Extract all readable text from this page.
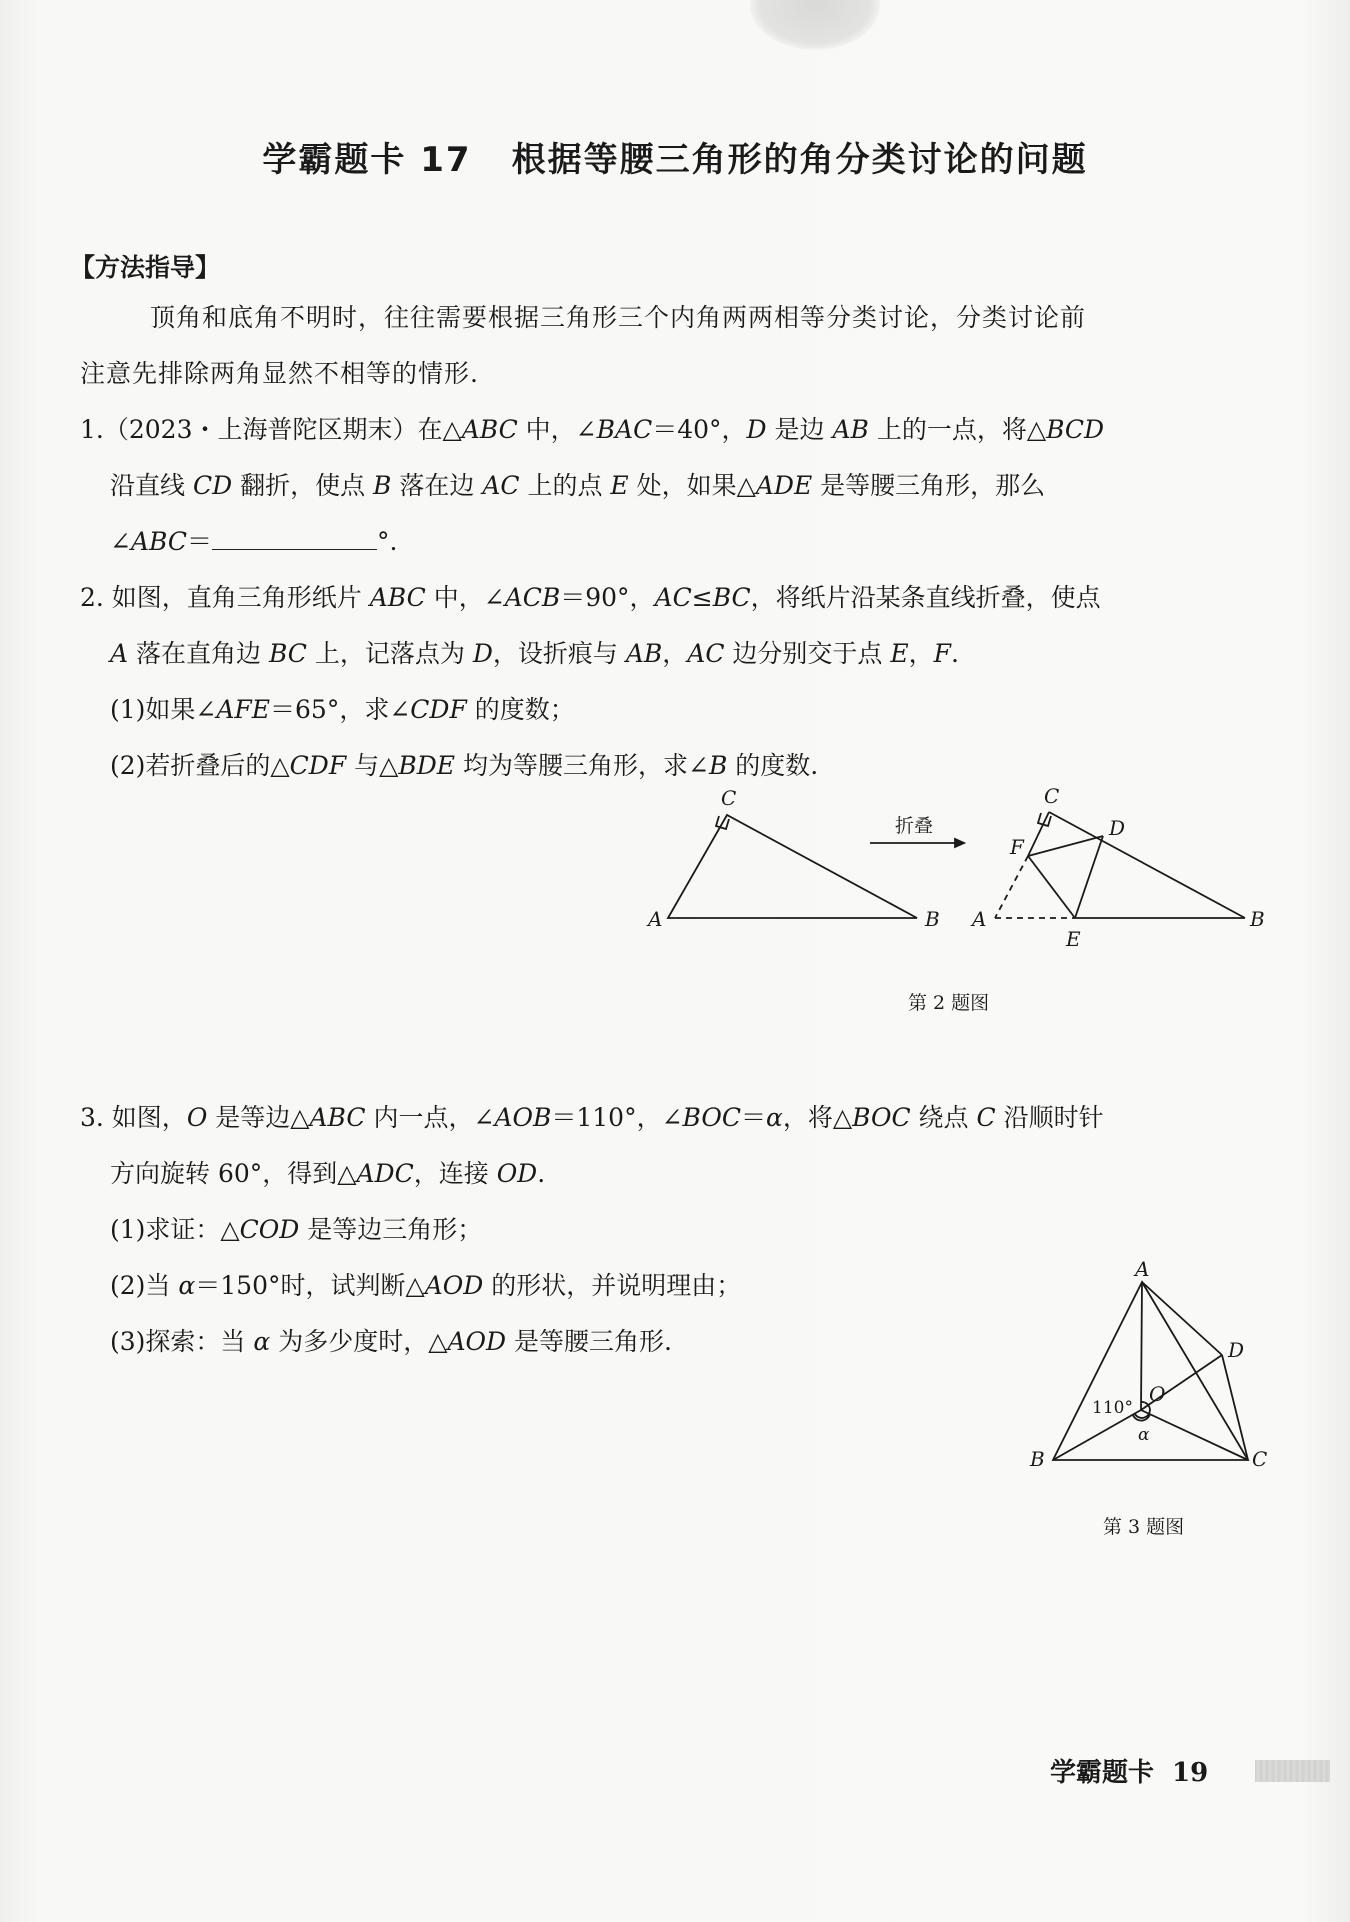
学霸题卡 17 根据等腰三角形的角分类讨论的问题
【方法指导】
顶角和底角不明时，往往需要根据三角形三个内角两两相等分类讨论，分类讨论前
注意先排除两角显然不相等的情形.
1.（2023・上海普陀区期末）在△ABC 中，∠BAC＝40°，D 是边 AB 上的一点，将△BCD
沿直线 CD 翻折，使点 B 落在边 AC 上的点 E 处，如果△ADE 是等腰三角形，那么
∠ABC＝	°.
2. 如图，直角三角形纸片 ABC 中，∠ACB＝90°，AC≤BC，将纸片沿某条直线折叠，使点
A 落在直角边 BC 上，记落点为 D，设折痕与 AB，AC 边分别交于点 E，F.
(1)如果∠AFE＝65°，求∠CDF 的度数；
(2)若折叠后的△CDF 与△BDE 均为等腰三角形，求∠B 的度数.
C
A	B
C
D
F
A
E
B
折叠
第 2 题图
3. 如图，O 是等边△ABC 内一点，∠AOB＝110°，∠BOC＝α，将△BOC 绕点 C 沿顺时针
方向旋转 60°，得到△ADC，连接 OD.
(1)求证：△COD 是等边三角形；
(2)当 α＝150°时，试判断△AOD 的形状，并说明理由；
(3)探索：当 α 为多少度时，△AOD 是等腰三角形.
A
B	C
D
O
α
110°
第 3 题图
学霸题卡 19
